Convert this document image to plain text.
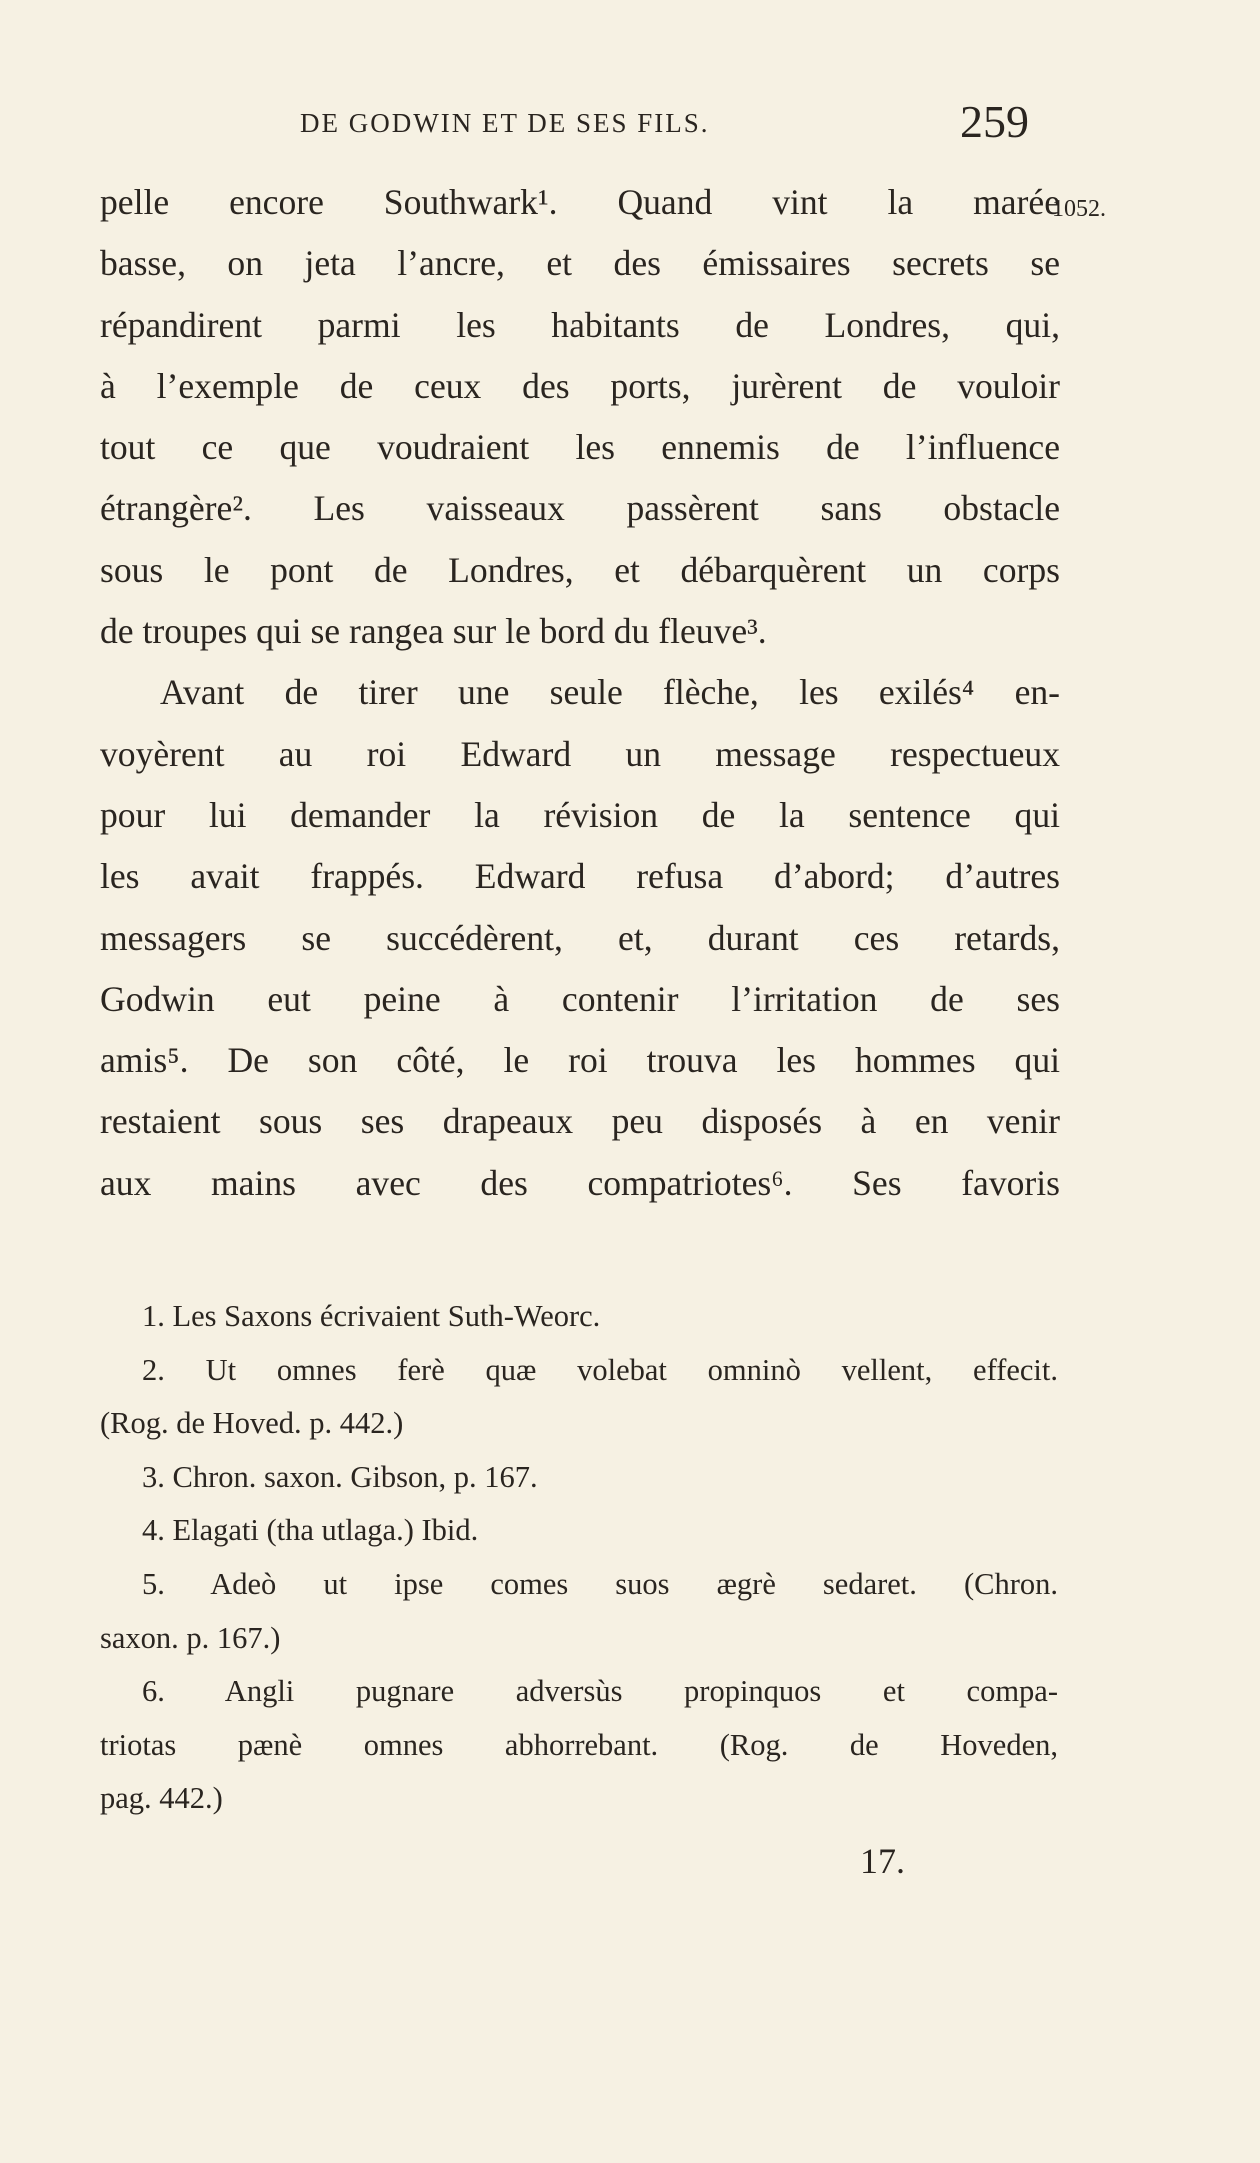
DE GODWIN ET DE SES FILS.	259
1052.
pelle encore Southwark¹. Quand vint la marée
basse, on jeta l’ancre, et des émissaires secrets se
répandirent parmi les habitants de Londres, qui,
à l’exemple de ceux des ports, jurèrent de vouloir
tout ce que voudraient les ennemis de l’influence
étrangère². Les vaisseaux passèrent sans obstacle
sous le pont de Londres, et débarquèrent un corps
de troupes qui se rangea sur le bord du fleuve³.
Avant de tirer une seule flèche, les exilés⁴ en-
voyèrent au roi Edward un message respectueux
pour lui demander la révision de la sentence qui
les avait frappés. Edward refusa d’abord; d’autres
messagers se succédèrent, et, durant ces retards,
Godwin eut peine à contenir l’irritation de ses
amis⁵. De son côté, le roi trouva les hommes qui
restaient sous ses drapeaux peu disposés à en venir
aux mains avec des compatriotes⁶. Ses favoris
1. Les Saxons écrivaient Suth-Weorc.
2. Ut omnes ferè quæ volebat omninò vellent, effecit.
(Rog. de Hoved. p. 442.)
3. Chron. saxon. Gibson, p. 167.
4. Elagati (tha utlaga.) Ibid.
5. Adeò ut ipse comes suos ægrè sedaret. (Chron.
saxon. p. 167.)
6. Angli pugnare adversùs propinquos et compa-
triotas pænè omnes abhorrebant. (Rog. de Hoveden,
pag. 442.)
17.
